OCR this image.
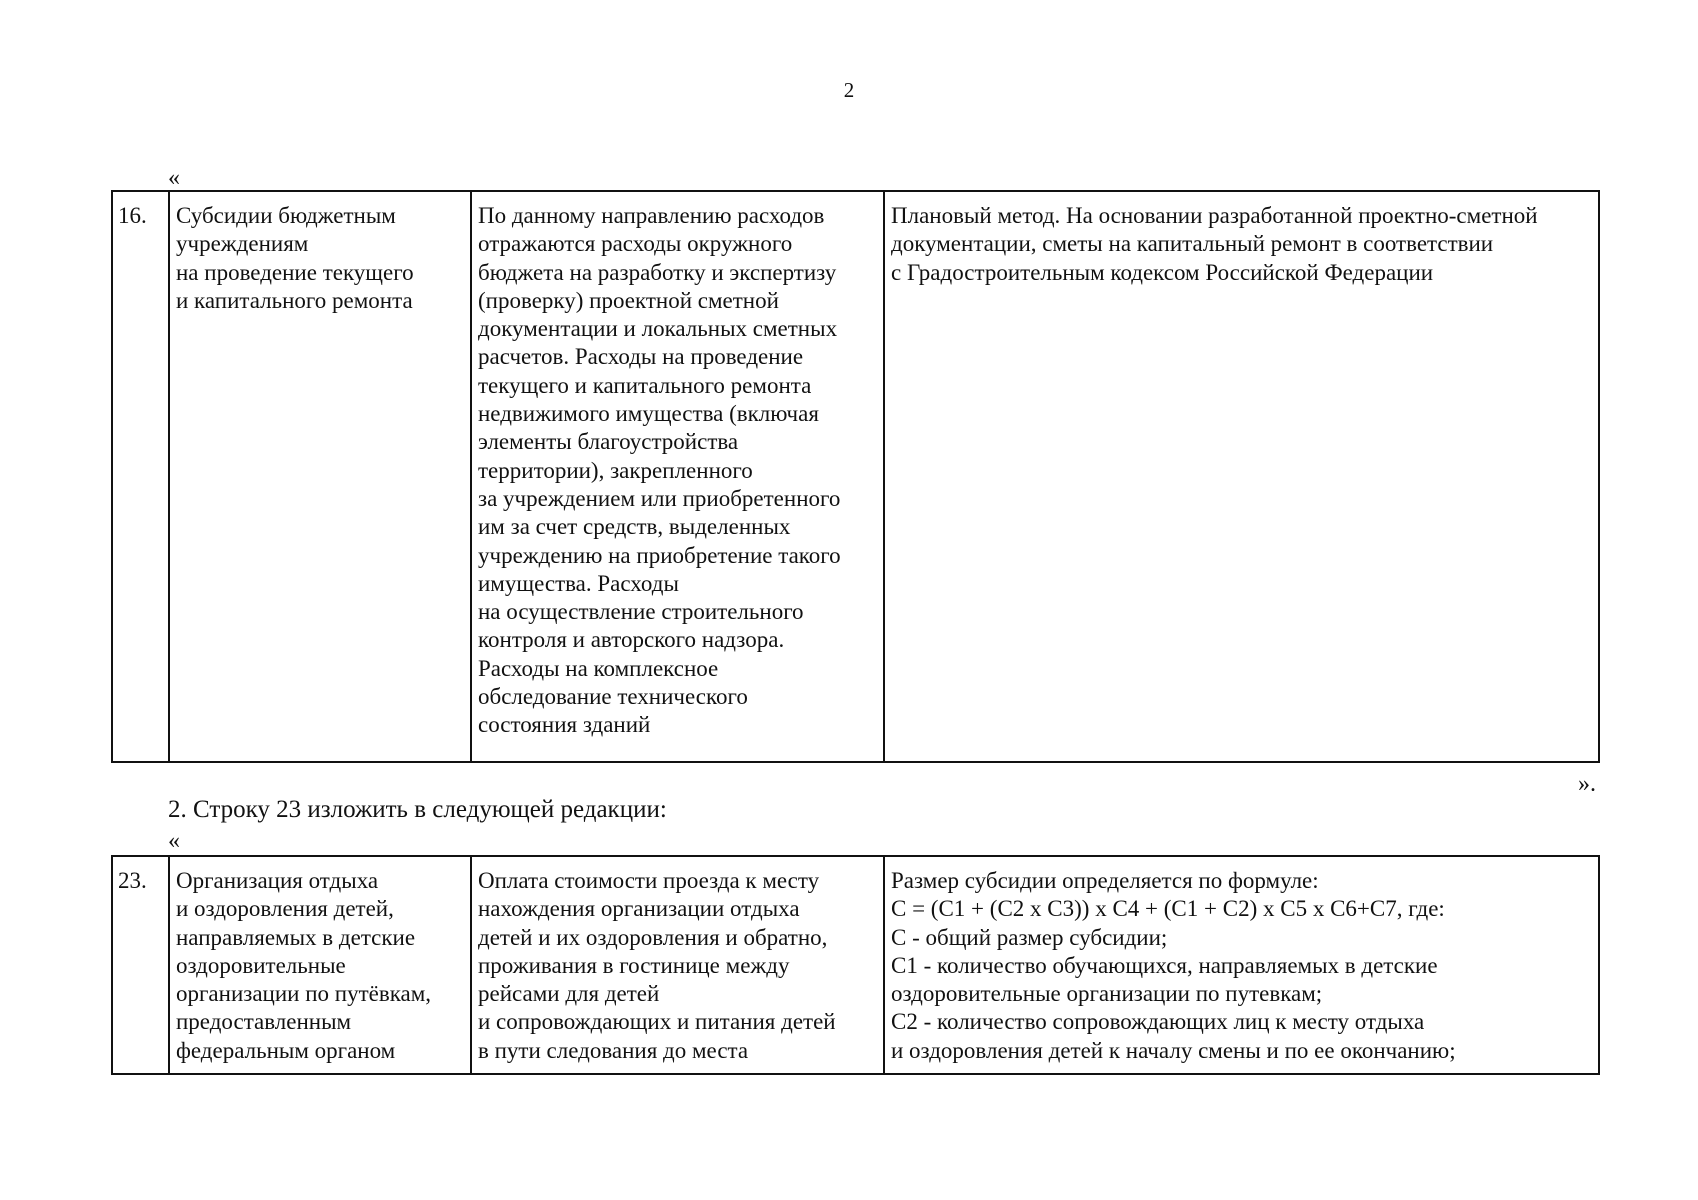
2
«
16.	Субсидии бюджетным
учреждениям
на проведение текущего
и капитального ремонта	По данному направлению расходов
отражаются расходы окружного
бюджета на разработку и экспертизу
(проверку) проектной сметной
документации и локальных сметных
расчетов. Расходы на проведение
текущего и капитального ремонта
недвижимого имущества (включая
элементы благоустройства
территории), закрепленного
за учреждением или приобретенного
им за счет средств, выделенных
учреждению на приобретение такого
имущества. Расходы
на осуществление строительного
контроля и авторского надзора.
Расходы на комплексное
обследование технического
состояния зданий	Плановый метод. На основании разработанной проектно-сметной
документации, сметы на капитальный ремонт в соответствии
с Градостроительным кодексом Российской Федерации
».
2. Строку 23 изложить в следующей редакции:
«
23.	Организация отдыха
и оздоровления детей,
направляемых в детские
оздоровительные
организации по путёвкам,
предоставленным
федеральным органом	Оплата стоимости проезда к месту
нахождения организации отдыха
детей и их оздоровления и обратно,
проживания в гостинице между
рейсами для детей
и сопровождающих и питания детей
в пути следования до места	Размер субсидии определяется по формуле:
С = (С1 + (С2 х С3)) х С4 + (С1 + С2) х С5 х С6+С7, где:
С - общий размер субсидии;
С1 - количество обучающихся, направляемых в детские
оздоровительные организации по путевкам;
С2 - количество сопровождающих лиц к месту отдыха
и оздоровления детей к началу смены и по ее окончанию;
